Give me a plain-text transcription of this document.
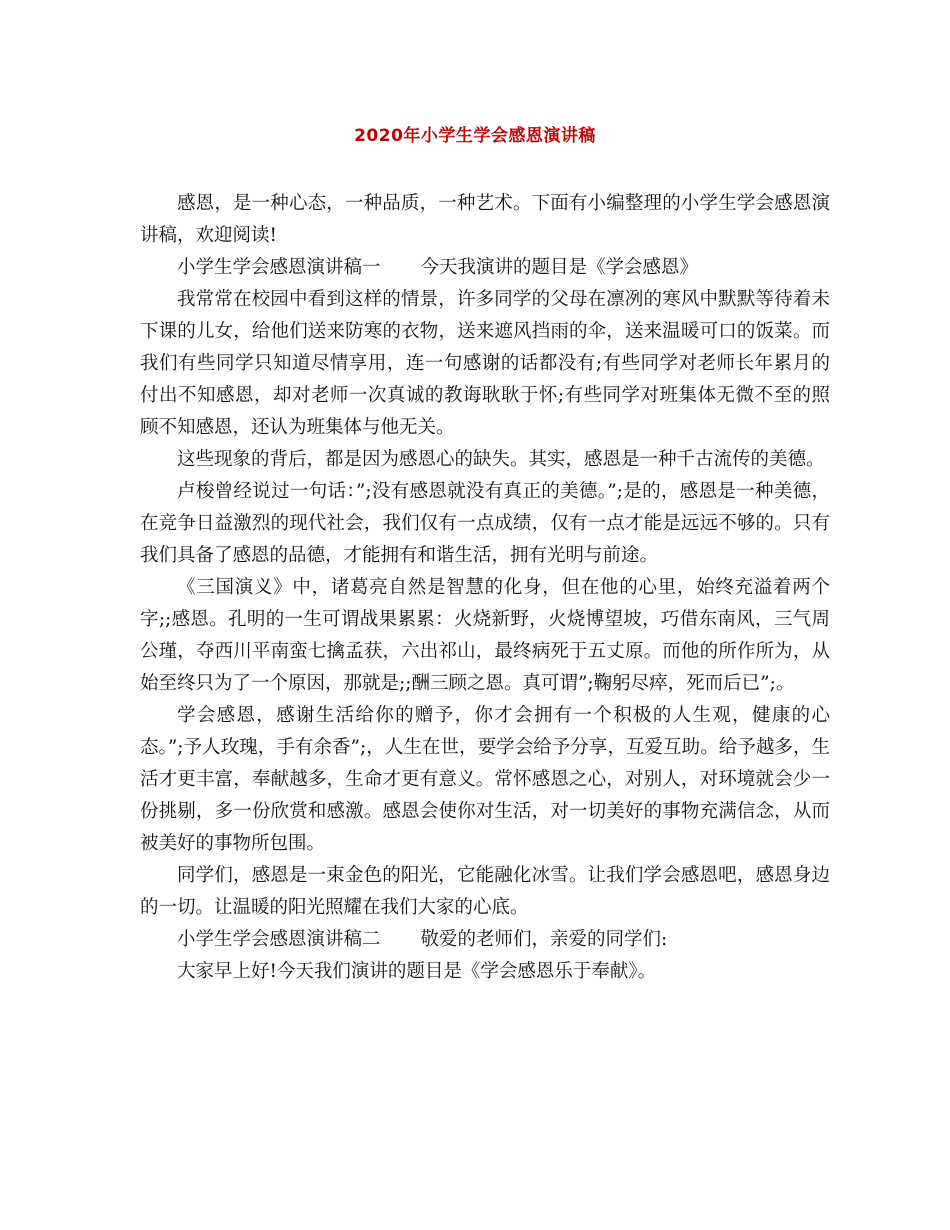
2020年小学生学会感恩演讲稿

感恩，是一种心态，一种品质，一种艺术。下面有小编整理的小学生学会感恩演讲稿，欢迎阅读!

小学生学会感恩演讲稿一 今天我演讲的题目是《学会感恩》

我常常在校园中看到这样的情景，许多同学的父母在凛冽的寒风中默默等待着未下课的儿女，给他们送来防寒的衣物，送来遮风挡雨的伞，送来温暖可口的饭菜。而我们有些同学只知道尽情享用，连一句感谢的话都没有;有些同学对老师长年累月的付出不知感恩，却对老师一次真诚的教诲耿耿于怀;有些同学对班集体无微不至的照顾不知感恩，还认为班集体与他无关。

这些现象的背后，都是因为感恩心的缺失。其实，感恩是一种千古流传的美德。

卢梭曾经说过一句话：”;没有感恩就没有真正的美德。”;是的，感恩是一种美德，在竞争日益激烈的现代社会，我们仅有一点成绩，仅有一点才能是远远不够的。只有我们具备了感恩的品德，才能拥有和谐生活，拥有光明与前途。

《三国演义》中，诸葛亮自然是智慧的化身，但在他的心里，始终充溢着两个字;;感恩。孔明的一生可谓战果累累：火烧新野，火烧博望坡，巧借东南风，三气周公瑾，夺西川平南蛮七擒孟获，六出祁山，最终病死于五丈原。而他的所作所为，从始至终只为了一个原因，那就是;;酬三顾之恩。真可谓”;鞠躬尽瘁，死而后已”;。

学会感恩，感谢生活给你的赠予，你才会拥有一个积极的人生观，健康的心态。”;予人玫瑰，手有余香”;，人生在世，要学会给予分享，互爱互助。给予越多，生活才更丰富，奉献越多，生命才更有意义。常怀感恩之心，对别人，对环境就会少一份挑剔，多一份欣赏和感激。感恩会使你对生活，对一切美好的事物充满信念，从而被美好的事物所包围。

同学们，感恩是一束金色的阳光，它能融化冰雪。让我们学会感恩吧，感恩身边的一切。让温暖的阳光照耀在我们大家的心底。

小学生学会感恩演讲稿二 敬爱的老师们，亲爱的同学们:

大家早上好!今天我们演讲的题目是《学会感恩乐于奉献》。
